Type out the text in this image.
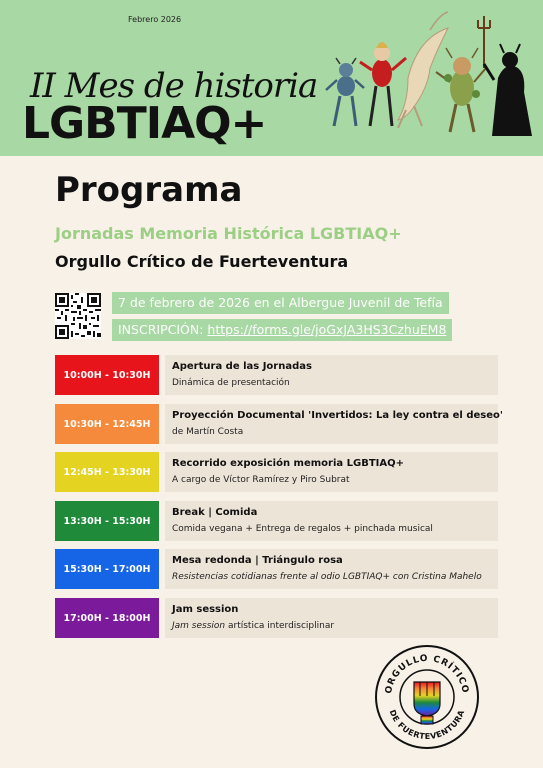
Febrero 2026
II Mes de historia
LGBTIAQ+
Programa
Jornadas Memoria Histórica LGBTIAQ+
Orgullo Crítico de Fuerteventura
7 de febrero de 2026 en el Albergue Juvenil de Tefía
INSCRIPCIÓN: https://forms.gle/joGxJA3HS3CzhuEM8
10:00H - 10:30H
Apertura de las Jornadas
Dinámica de presentación
10:30H - 12:45H
Proyección Documental 'Invertidos: La ley contra el deseo'
de Martín Costa
12:45H - 13:30H
Recorrido exposición memoria LGBTIAQ+
A cargo de Víctor Ramírez y Piro Subrat
13:30H - 15:30H
Break | Comida
Comida vegana + Entrega de regalos + pinchada musical
15:30H - 17:00H
Mesa redonda | Triángulo rosa
Resistencias cotidianas frente al odio LGBTIAQ+ con Cristina Mahelo
17:00H - 18:00H
Jam session
Jam session artística interdisciplinar
ORGULLO CRÍTICO
DE FUERTEVENTURA
